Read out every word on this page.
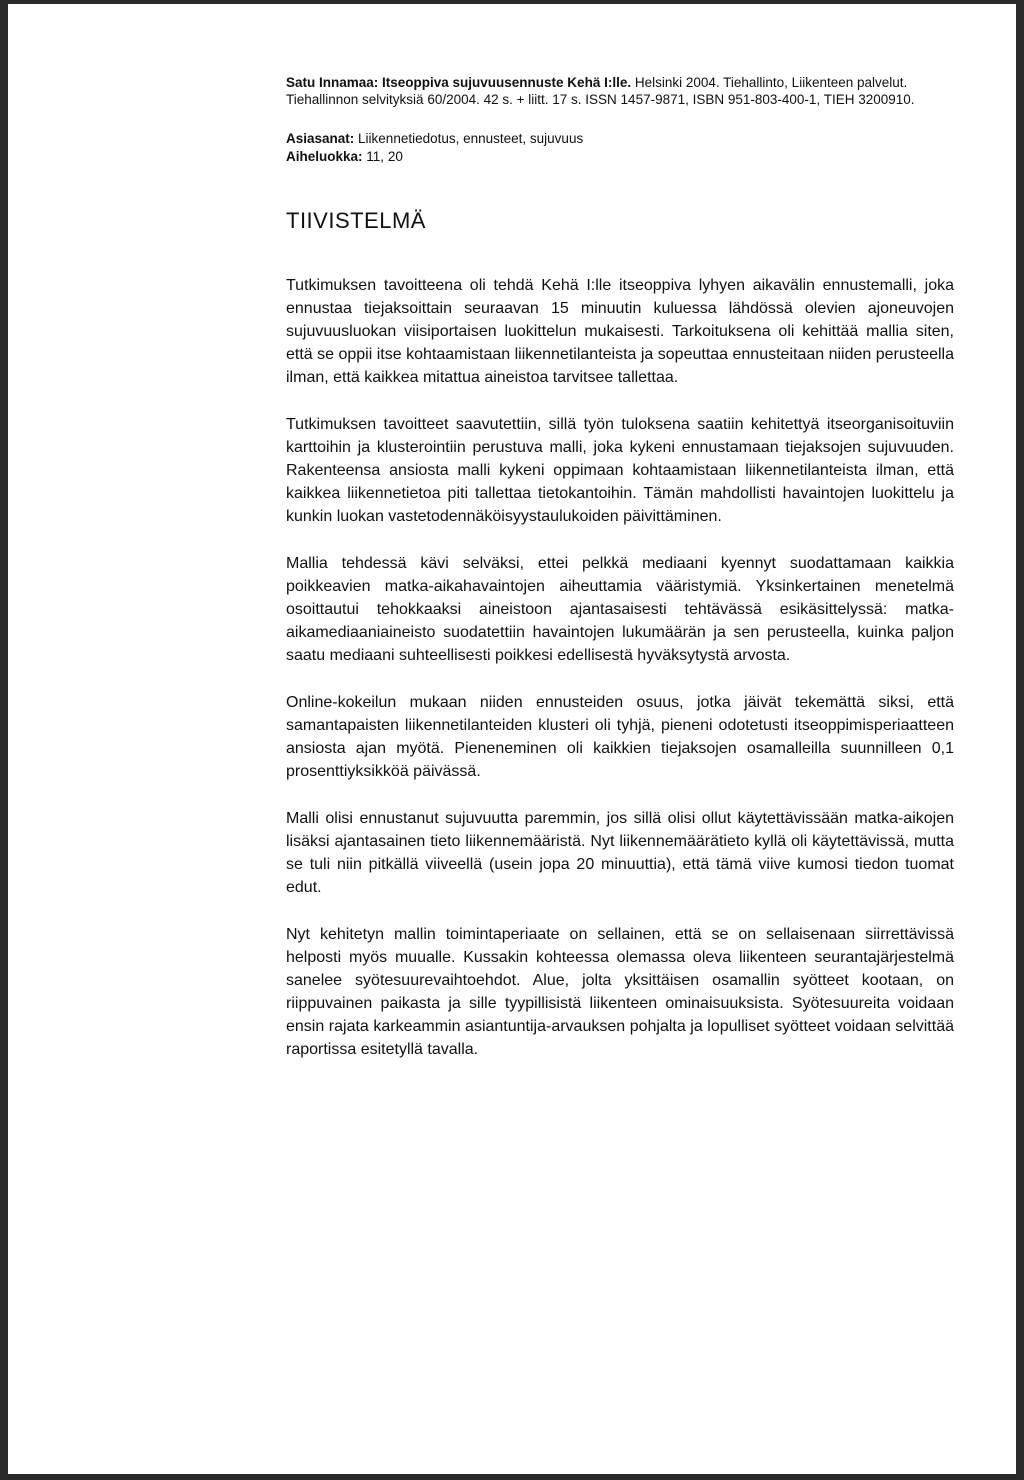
Satu Innamaa: Itseoppiva sujuvuusennuste Kehä I:lle. Helsinki 2004. Tiehallinto, Liikenteen palvelut. Tiehallinnon selvityksiä 60/2004. 42 s. + liitt. 17 s. ISSN 1457-9871, ISBN 951-803-400-1, TIEH 3200910.

Asiasanat: Liikennetiedotus, ennusteet, sujuvuus
Aiheluokka: 11, 20
TIIVISTELMÄ

Tutkimuksen tavoitteena oli tehdä Kehä I:lle itseoppiva lyhyen aikavälin ennustemalli, joka ennustaa tiejaksoittain seuraavan 15 minuutin kuluessa lähdössä olevien ajoneuvojen sujuvuusluokan viisiportaisen luokittelun mukaisesti. Tarkoituksena oli kehittää mallia siten, että se oppii itse kohtaamistaan liikennetilanteista ja sopeuttaa ennusteitaan niiden perusteella ilman, että kaikkea mitattua aineistoa tarvitsee tallettaa.

Tutkimuksen tavoitteet saavutettiin, sillä työn tuloksena saatiin kehitettyä itseorganisoituviin karttoihin ja klusterointiin perustuva malli, joka kykeni ennustamaan tiejaksojen sujuvuuden. Rakenteensa ansiosta malli kykeni oppimaan kohtaamistaan liikennetilanteista ilman, että kaikkea liikennetietoa piti tallettaa tietokantoihin. Tämän mahdollisti havaintojen luokittelu ja kunkin luokan vastetodennäköisyystaulukoiden päivittäminen.

Mallia tehdessä kävi selväksi, ettei pelkkä mediaani kyennyt suodattamaan kaikkia poikkeavien matka-aikahavaintojen aiheuttamia vääristymiä. Yksinkertainen menetelmä osoittautui tehokkaaksi aineistoon ajantasaisesti tehtävässä esikäsittelyssä: matka-aikamediaaniaineisto suodatettiin havaintojen lukumäärän ja sen perusteella, kuinka paljon saatu mediaani suhteellisesti poikkesi edellisestä hyväksytystä arvosta.

Online-kokeilun mukaan niiden ennusteiden osuus, jotka jäivät tekemättä siksi, että samantapaisten liikennetilanteiden klusteri oli tyhjä, pieneni odotetusti itseoppimisperiaatteen ansiosta ajan myötä. Pieneneminen oli kaikkien tiejaksojen osamalleilla suunnilleen 0,1 prosenttiyksikköä päivässä.

Malli olisi ennustanut sujuvuutta paremmin, jos sillä olisi ollut käytettävissään matka-aikojen lisäksi ajantasainen tieto liikennemääristä. Nyt liikennemäärätieto kyllä oli käytettävissä, mutta se tuli niin pitkällä viiveellä (usein jopa 20 minuuttia), että tämä viive kumosi tiedon tuomat edut.

Nyt kehitetyn mallin toimintaperiaate on sellainen, että se on sellaisenaan siirrettävissä helposti myös muualle. Kussakin kohteessa olemassa oleva liikenteen seurantajärjestelmä sanelee syötesuurevaihtoehdot. Alue, jolta yksittäisen osamallin syötteet kootaan, on riippuvainen paikasta ja sille tyypillisistä liikenteen ominaisuuksista. Syötesuureita voidaan ensin rajata karkeammin asiantuntija-arvauksen pohjalta ja lopulliset syötteet voidaan selvittää raportissa esitetyllä tavalla.
